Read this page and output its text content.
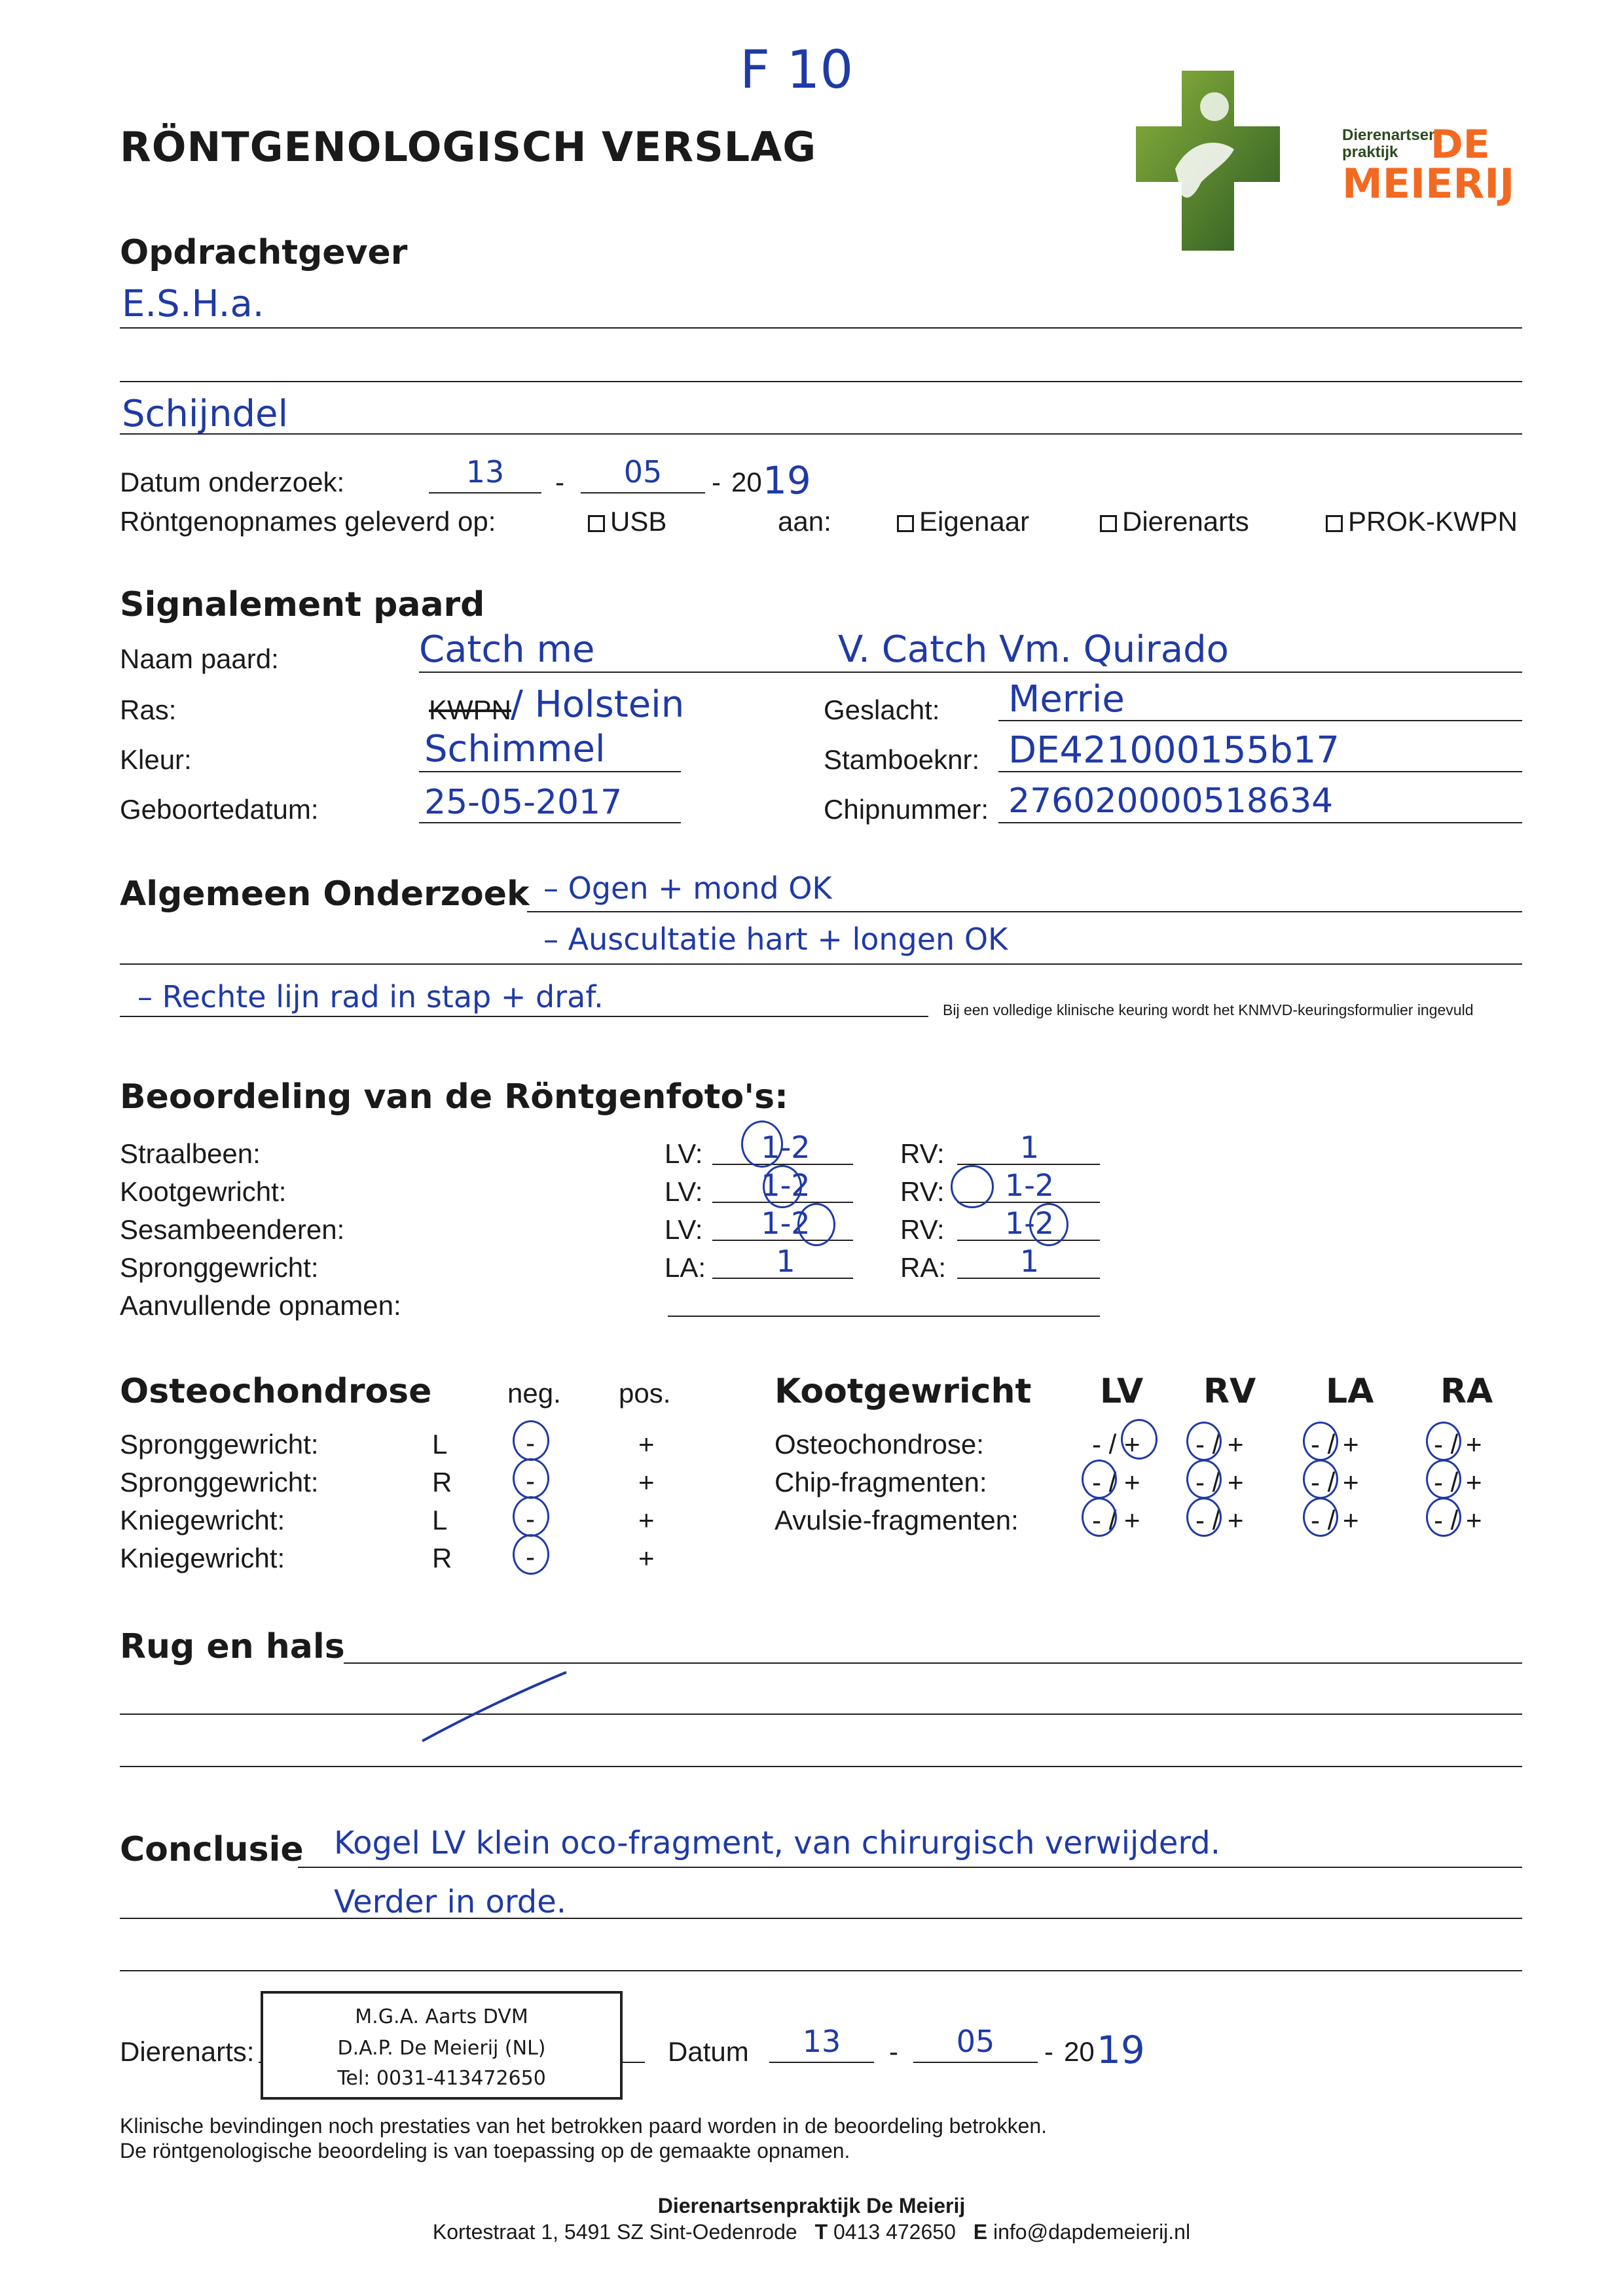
F 10
RÖNTGENOLOGISCH VERSLAG	Dierenartsen
praktijk DE
MEIERIJ
Opdrachtgever
E.S.H.a.
Schijndel
Datum onderzoek:	13	-	05	- 20 19
Röntgenopnames geleverd op:	USB	aan:	Eigenaar	Dierenarts	PROK-KWPN
Signalement paard
Naam paard:	Catch me	V. Catch Vm. Quirado
Ras:	KWPN / Holstein	Geslacht: Merrie
Kleur:	Schimmel	Stamboeknr: DE421000155b17
Geboortedatum:	25-05-2017	Chipnummer: 276020000518634
Algemeen Onderzoek – Ogen + mond OK
– Auscultatie hart + longen OK
– Rechte lijn rad in stap + draf.	Bij een volledige klinische keuring wordt het KNMVD-keuringsformulier ingevuld
Beoordeling van de Röntgenfoto's:
Straalbeen:	LV:	1-2	RV:	1
Kootgewricht:	LV:	1-2	RV:	1-2
Sesambeenderen:	LV:	1-2	RV:	1-2
Spronggewricht:	LA:	1	RA:	1
Aanvullende opnamen:
Osteochondrose	neg. pos.
Spronggewricht:	L	-	+
Spronggewricht:	R	-	+
Kniegewricht:	L	-	+
Kniegewricht:	R	-	+
Kootgewricht LV RV LA RA
Osteochondrose:	- / + - / + - / +	- / +
Chip-fragmenten:	- / + - / + - / +	- / +
Avulsie-fragmenten:	- / + - / + - / +	- / +
Rug en hals
Conclusie Kogel LV klein oco-fragment, van chirurgisch verwijderd.
Verder in orde.
Dierenarts:
M.G.A. Aarts DVM
D.A.P. De Meierij (NL)
Tel: 0031-413472650
Datum	13	-	05	- 20 19
Klinische bevindingen noch prestaties van het betrokken paard worden in de beoordeling betrokken.
De röntgenologische beoordeling is van toepassing op de gemaakte opnamen.
Dierenartsenpraktijk De Meierij
Kortestraat 1, 5491 SZ Sint-Oedenrode T 0413 472650 E info@dapdemeierij.nl
